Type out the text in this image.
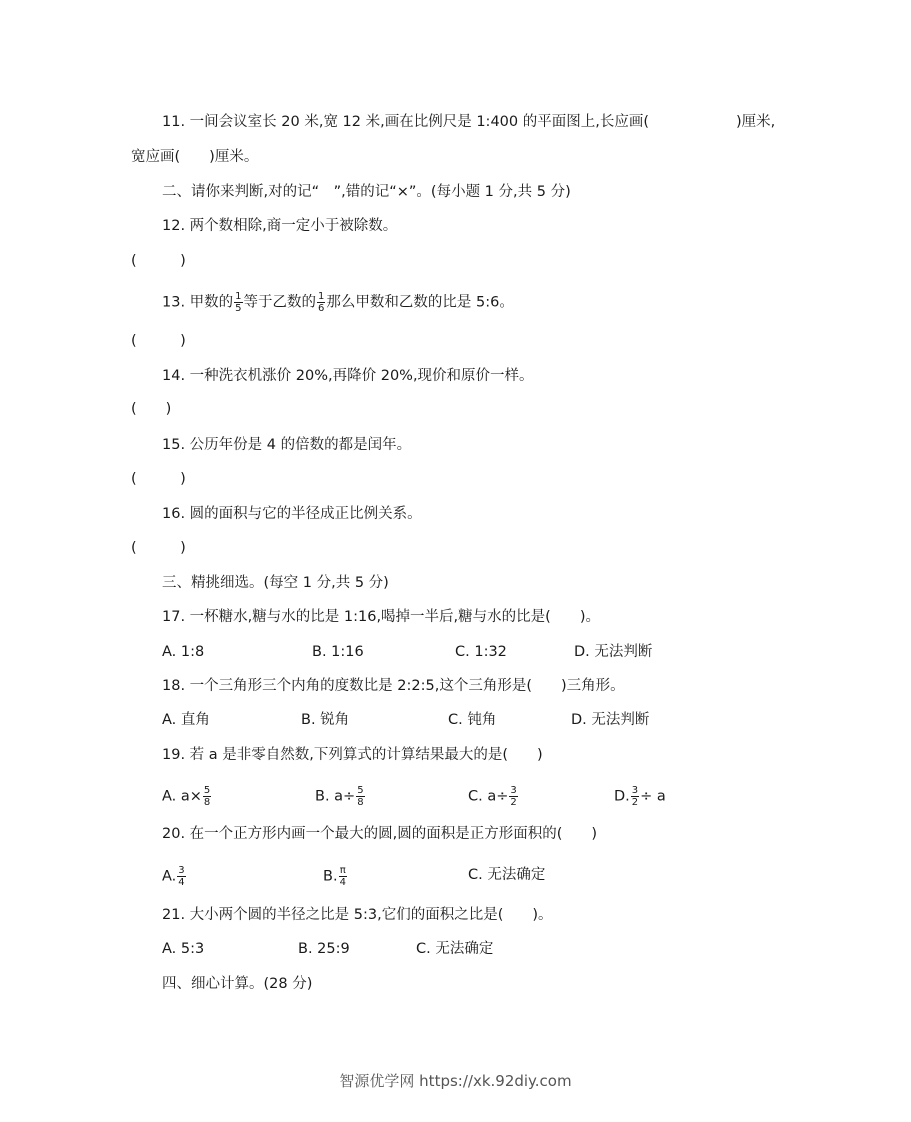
11. 一间会议室长 20 米,宽 12 米,画在比例尺是 1:400 的平面图上,长应画(　　　　　　)厘米,
宽应画(　　)厘米。
二、请你来判断,对的记“　”,错的记“×”。(每小题 1 分,共 5 分)
12. 两个数相除,商一定小于被除数。
(　　　)
13. 甲数的 $\frac{1}{5}$ 等于乙数的 $\frac{1}{6}$ 那么甲数和乙数的比是 5:6。
(　　　)
14. 一种洗衣机涨价 20%,再降价 20%,现价和原价一样。
(　　)
15. 公历年份是 4 的倍数的都是闰年。
(　　　)
16. 圆的面积与它的半径成正比例关系。
(　　　)
三、精挑细选。(每空 1 分,共 5 分)
17. 一杯糖水,糖与水的比是 1:16,喝掉一半后,糖与水的比是(　　)。
A. 1:8	B. 1:16	C. 1:32	D. 无法判断
18. 一个三角形三个内角的度数比是 2:2:5,这个三角形是(　　)三角形。
A. 直角	B. 锐角	C. 钝角	D. 无法判断
19. 若 a 是非零自然数,下列算式的计算结果最大的是(　　)
A. $a\times \frac{5}{8}$	B. $a\div \frac{5}{8}$	C. $a\div \frac{3}{2}$	D. $\frac{3}{2} \div a$
20. 在一个正方形内画一个最大的圆,圆的面积是正方形面积的(　　)
A. $\frac{3}{4}$	B. $\frac{\pi}{4}$	C. 无法确定
21. 大小两个圆的半径之比是 5:3,它们的面积之比是(　　)。
A. 5:3	B. 25:9	C. 无法确定
四、细心计算。(28 分)
智源优学网 https://xk.92diy.com
